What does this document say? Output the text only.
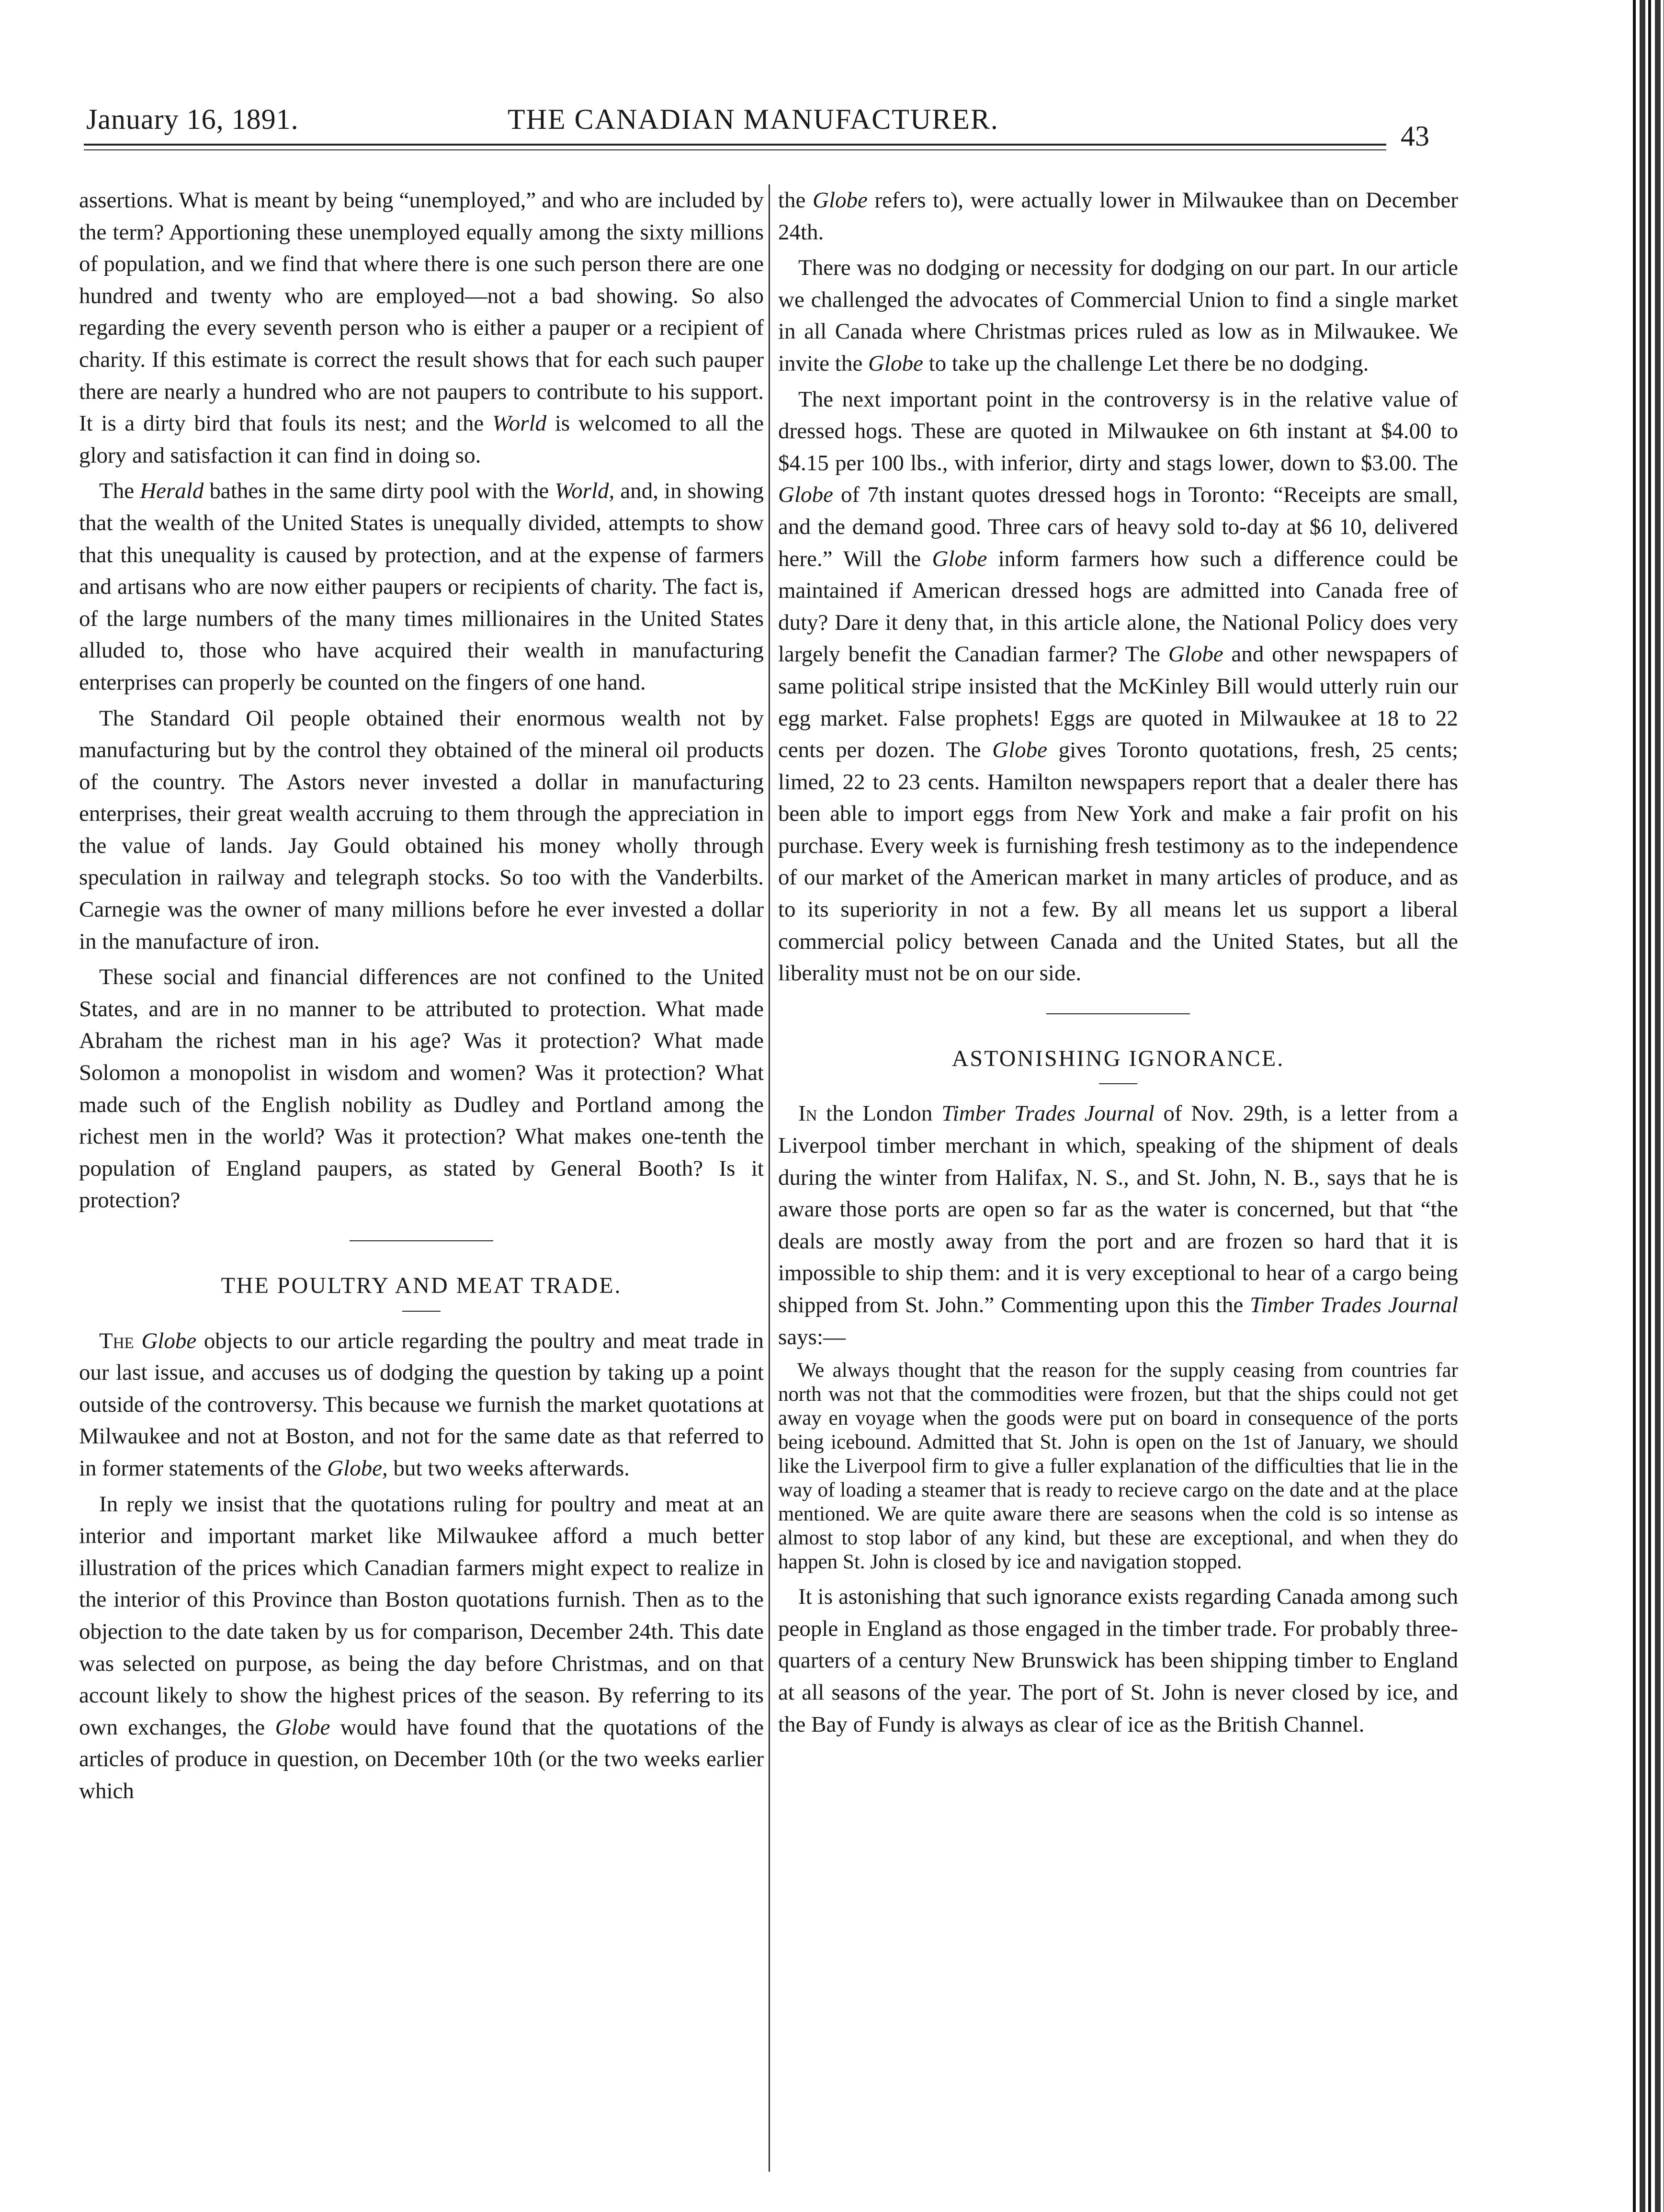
January 16, 1891.	THE CANADIAN MANUFACTURER.
43

assertions. What is meant by being “unemployed,” and who are included by the term? Apportioning these unemployed equally among the sixty millions of population, and we find that where there is one such person there are one hundred and twenty who are employed—not a bad showing. So also regarding the every seventh person who is either a pauper or a recipient of charity. If this estimate is correct the result shows that for each such pauper there are nearly a hundred who are not paupers to contribute to his support. It is a dirty bird that fouls its nest; and the World is welcomed to all the glory and satisfaction it can find in doing so.

The Herald bathes in the same dirty pool with the World, and, in showing that the wealth of the United States is unequally divided, attempts to show that this unequality is caused by protection, and at the expense of farmers and artisans who are now either paupers or recipients of charity. The fact is, of the large numbers of the many times millionaires in the United States alluded to, those who have acquired their wealth in manufacturing enterprises can properly be counted on the fingers of one hand.

The Standard Oil people obtained their enormous wealth not by manufacturing but by the control they obtained of the mineral oil products of the country. The Astors never invested a dollar in manufacturing enterprises, their great wealth accruing to them through the appreciation in the value of lands. Jay Gould obtained his money wholly through speculation in railway and telegraph stocks. So too with the Vanderbilts. Carnegie was the owner of many millions before he ever invested a dollar in the manufacture of iron.

These social and financial differences are not confined to the United States, and are in no manner to be attributed to protection. What made Abraham the richest man in his age? Was it protection? What made Solomon a monopolist in wisdom and women? Was it protection? What made such of the English nobility as Dudley and Portland among the richest men in the world? Was it protection? What makes one-tenth the population of England paupers, as stated by General Booth? Is it protection?

THE POULTRY AND MEAT TRADE.

The Globe objects to our article regarding the poultry and meat trade in our last issue, and accuses us of dodging the question by taking up a point outside of the controversy. This because we furnish the market quotations at Milwaukee and not at Boston, and not for the same date as that referred to in former statements of the Globe, but two weeks afterwards.

In reply we insist that the quotations ruling for poultry and meat at an interior and important market like Milwaukee afford a much better illustration of the prices which Canadian farmers might expect to realize in the interior of this Province than Boston quotations furnish. Then as to the objection to the date taken by us for comparison, December 24th. This date was selected on purpose, as being the day before Christmas, and on that account likely to show the highest prices of the season. By referring to its own exchanges, the Globe would have found that the quotations of the articles of produce in question, on December 10th (or the two weeks earlier which

the Globe refers to), were actually lower in Milwaukee than on December 24th.

There was no dodging or necessity for dodging on our part. In our article we challenged the advocates of Commercial Union to find a single market in all Canada where Christmas prices ruled as low as in Milwaukee. We invite the Globe to take up the challenge Let there be no dodging.

The next important point in the controversy is in the relative value of dressed hogs. These are quoted in Milwaukee on 6th instant at $4.00 to $4.15 per 100 lbs., with inferior, dirty and stags lower, down to $3.00. The Globe of 7th instant quotes dressed hogs in Toronto: “Receipts are small, and the demand good. Three cars of heavy sold to-day at $6 10, delivered here.” Will the Globe inform farmers how such a difference could be maintained if American dressed hogs are admitted into Canada free of duty? Dare it deny that, in this article alone, the National Policy does very largely benefit the Canadian farmer? The Globe and other newspapers of same political stripe insisted that the McKinley Bill would utterly ruin our egg market. False prophets! Eggs are quoted in Milwaukee at 18 to 22 cents per dozen. The Globe gives Toronto quotations, fresh, 25 cents; limed, 22 to 23 cents. Hamilton newspapers report that a dealer there has been able to import eggs from New York and make a fair profit on his purchase. Every week is furnishing fresh testimony as to the independence of our market of the American market in many articles of produce, and as to its superiority in not a few. By all means let us support a liberal commercial policy between Canada and the United States, but all the liberality must not be on our side.

ASTONISHING IGNORANCE.

In the London Timber Trades Journal of Nov. 29th, is a letter from a Liverpool timber merchant in which, speaking of the shipment of deals during the winter from Halifax, N. S., and St. John, N. B., says that he is aware those ports are open so far as the water is concerned, but that “the deals are mostly away from the port and are frozen so hard that it is impossible to ship them: and it is very exceptional to hear of a cargo being shipped from St. John.” Commenting upon this the Timber Trades Journal says:—

We always thought that the reason for the supply ceasing from countries far north was not that the commodities were frozen, but that the ships could not get away en voyage when the goods were put on board in consequence of the ports being icebound. Admitted that St. John is open on the 1st of January, we should like the Liverpool firm to give a fuller explanation of the difficulties that lie in the way of loading a steamer that is ready to recieve cargo on the date and at the place mentioned. We are quite aware there are seasons when the cold is so intense as almost to stop labor of any kind, but these are exceptional, and when they do happen St. John is closed by ice and navigation stopped.

It is astonishing that such ignorance exists regarding Canada among such people in England as those engaged in the timber trade. For probably three-quarters of a century New Brunswick has been shipping timber to England at all seasons of the year. The port of St. John is never closed by ice, and the Bay of Fundy is always as clear of ice as the British Channel.
